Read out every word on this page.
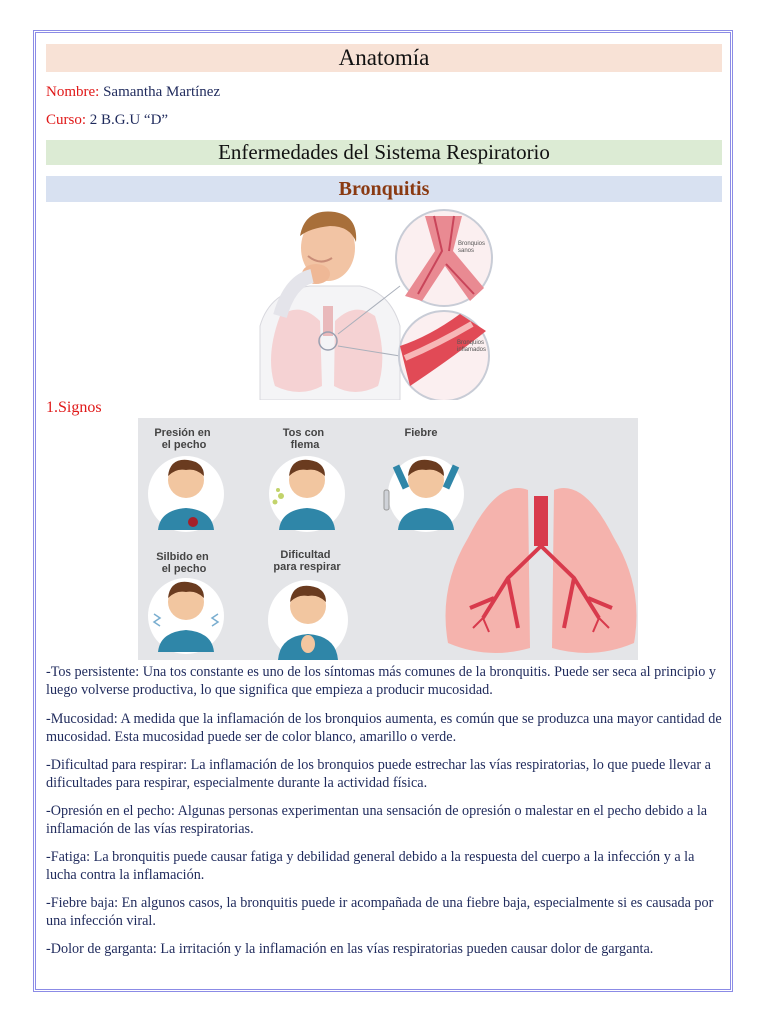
Anatomía
Nombre: Samantha Martínez
Curso: 2 B.G.U “D”
Enfermedades del Sistema Respiratorio
Bronquitis
Bronquios sanos
Bronquios inflamados
1.Signos
Presión en el pecho
Tos con flema
Fiebre
Silbido en el pecho
Dificultad para respirar

-Tos persistente: Una tos constante es uno de los síntomas más comunes de la bronquitis. Puede ser seca al principio y luego volverse productiva, lo que significa que empieza a producir mucosidad.

-Mucosidad: A medida que la inflamación de los bronquios aumenta, es común que se produzca una mayor cantidad de mucosidad. Esta mucosidad puede ser de color blanco, amarillo o verde.

-Dificultad para respirar: La inflamación de los bronquios puede estrechar las vías respiratorias, lo que puede llevar a dificultades para respirar, especialmente durante la actividad física.

-Opresión en el pecho: Algunas personas experimentan una sensación de opresión o malestar en el pecho debido a la inflamación de las vías respiratorias.

-Fatiga: La bronquitis puede causar fatiga y debilidad general debido a la respuesta del cuerpo a la infección y a la lucha contra la inflamación.

-Fiebre baja: En algunos casos, la bronquitis puede ir acompañada de una fiebre baja, especialmente si es causada por una infección viral.

-Dolor de garganta: La irritación y la inflamación en las vías respiratorias pueden causar dolor de garganta.
